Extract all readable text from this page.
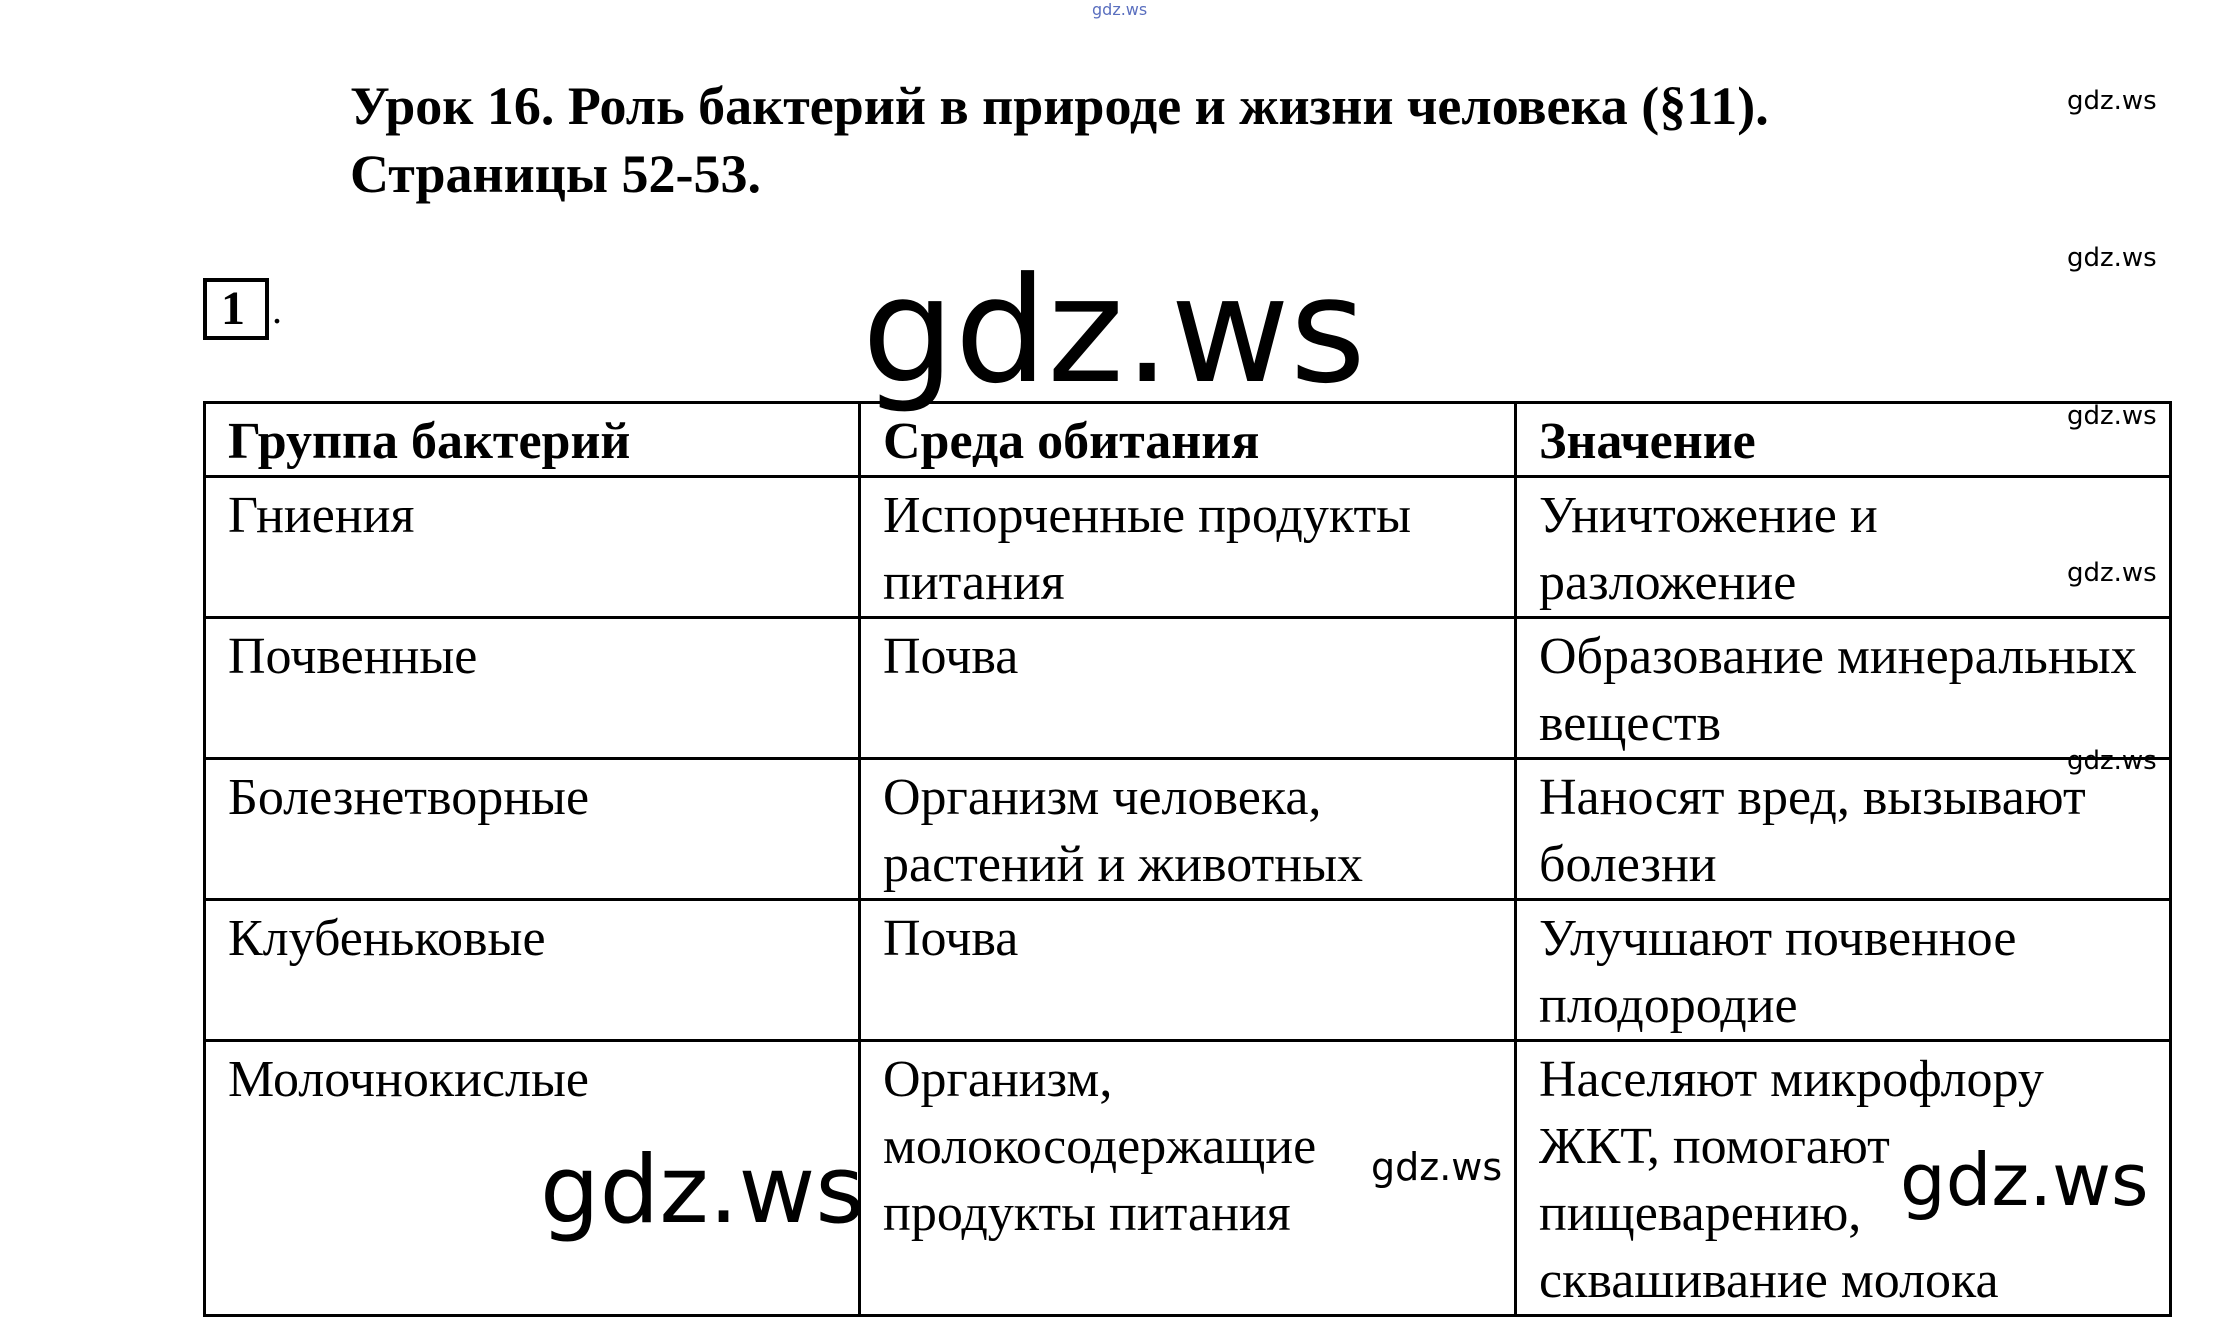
gdz.ws
Урок 16. Роль бактерий в природе и жизни человека (§11).
Страницы 52-53.
1 .
Группа бактерий	Среда обитания	Значение
Гниения	Испорченные продукты питания	Уничтожение и разложение
Почвенные	Почва	Образование минеральных веществ
Болезнетворные	Организм человека, растений и животных	Наносят вред, вызывают болезни
Клубеньковые	Почва	Улучшают почвенное плодородие
Молочнокислые	Организм, молокосодержащие продукты питания	Населяют микрофлору ЖКТ, помогают пищеварению, сквашивание молока
gdz.ws
gdz.ws
gdz.ws
gdz.ws
gdz.ws
gdz.ws
gdz.ws
gdz.ws	gdz.ws
